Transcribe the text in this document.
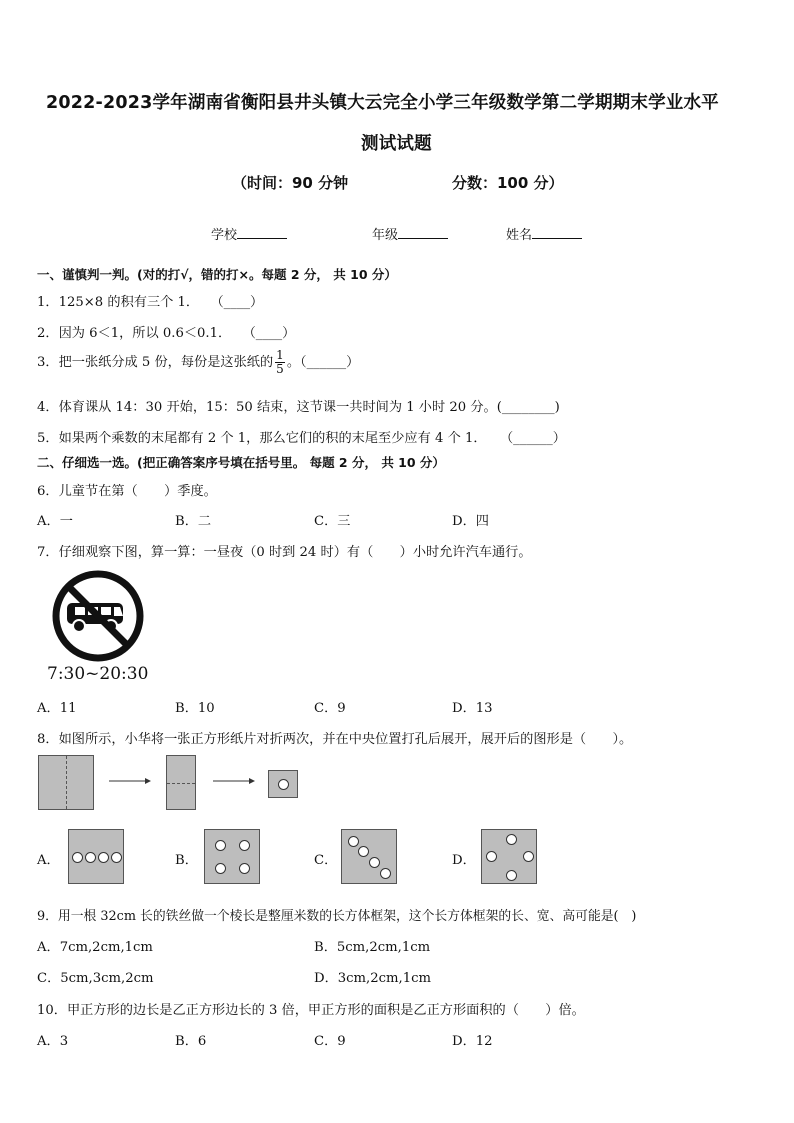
2022-2023学年湖南省衡阳县井头镇大云完全小学三年级数学第二学期期末学业水平
测试试题
（时间：90 分钟	分数：100 分）
学校	年级	姓名
一、谨慎判一判。(对的打√，错的打×。每题 2 分， 共 10 分）
1．125×8 的积有三个 1． （____）
2．因为 6＜1，所以 0.6＜0.1． （____）
3．把一张纸分成 5 份，每份是这张纸的 $\frac{1}{5}$ 。（______）
4．体育课从 14：30 开始，15：50 结束，这节课一共时间为 1 小时 20 分。(________)
5．如果两个乘数的末尾都有 2 个 1，那么它们的积的末尾至少应有 4 个 1． （______）
二、仔细选一选。(把正确答案序号填在括号里。 每题 2 分， 共 10 分）
6．儿童节在第（　　）季度。
A．一	B．二	C．三	D．四
7．仔细观察下图，算一算：一昼夜（0 时到 24 时）有（　　）小时允许汽车通行。
7:30~20:30
A．11	B．10	C．9	D．13
8．如图所示，小华将一张正方形纸片对折两次，并在中央位置打孔后展开，展开后的图形是（　　）。
A．	B．	C．	D．
9．用一根 32cm 长的铁丝做一个棱长是整厘米数的长方体框架，这个长方体框架的长、宽、高可能是(　)
A．7cm,2cm,1cm	B．5cm,2cm,1cm
C．5cm,3cm,2cm	D．3cm,2cm,1cm
10．甲正方形的边长是乙正方形边长的 3 倍，甲正方形的面积是乙正方形面积的（　　）倍。
A．3	B．6	C．9	D．12
